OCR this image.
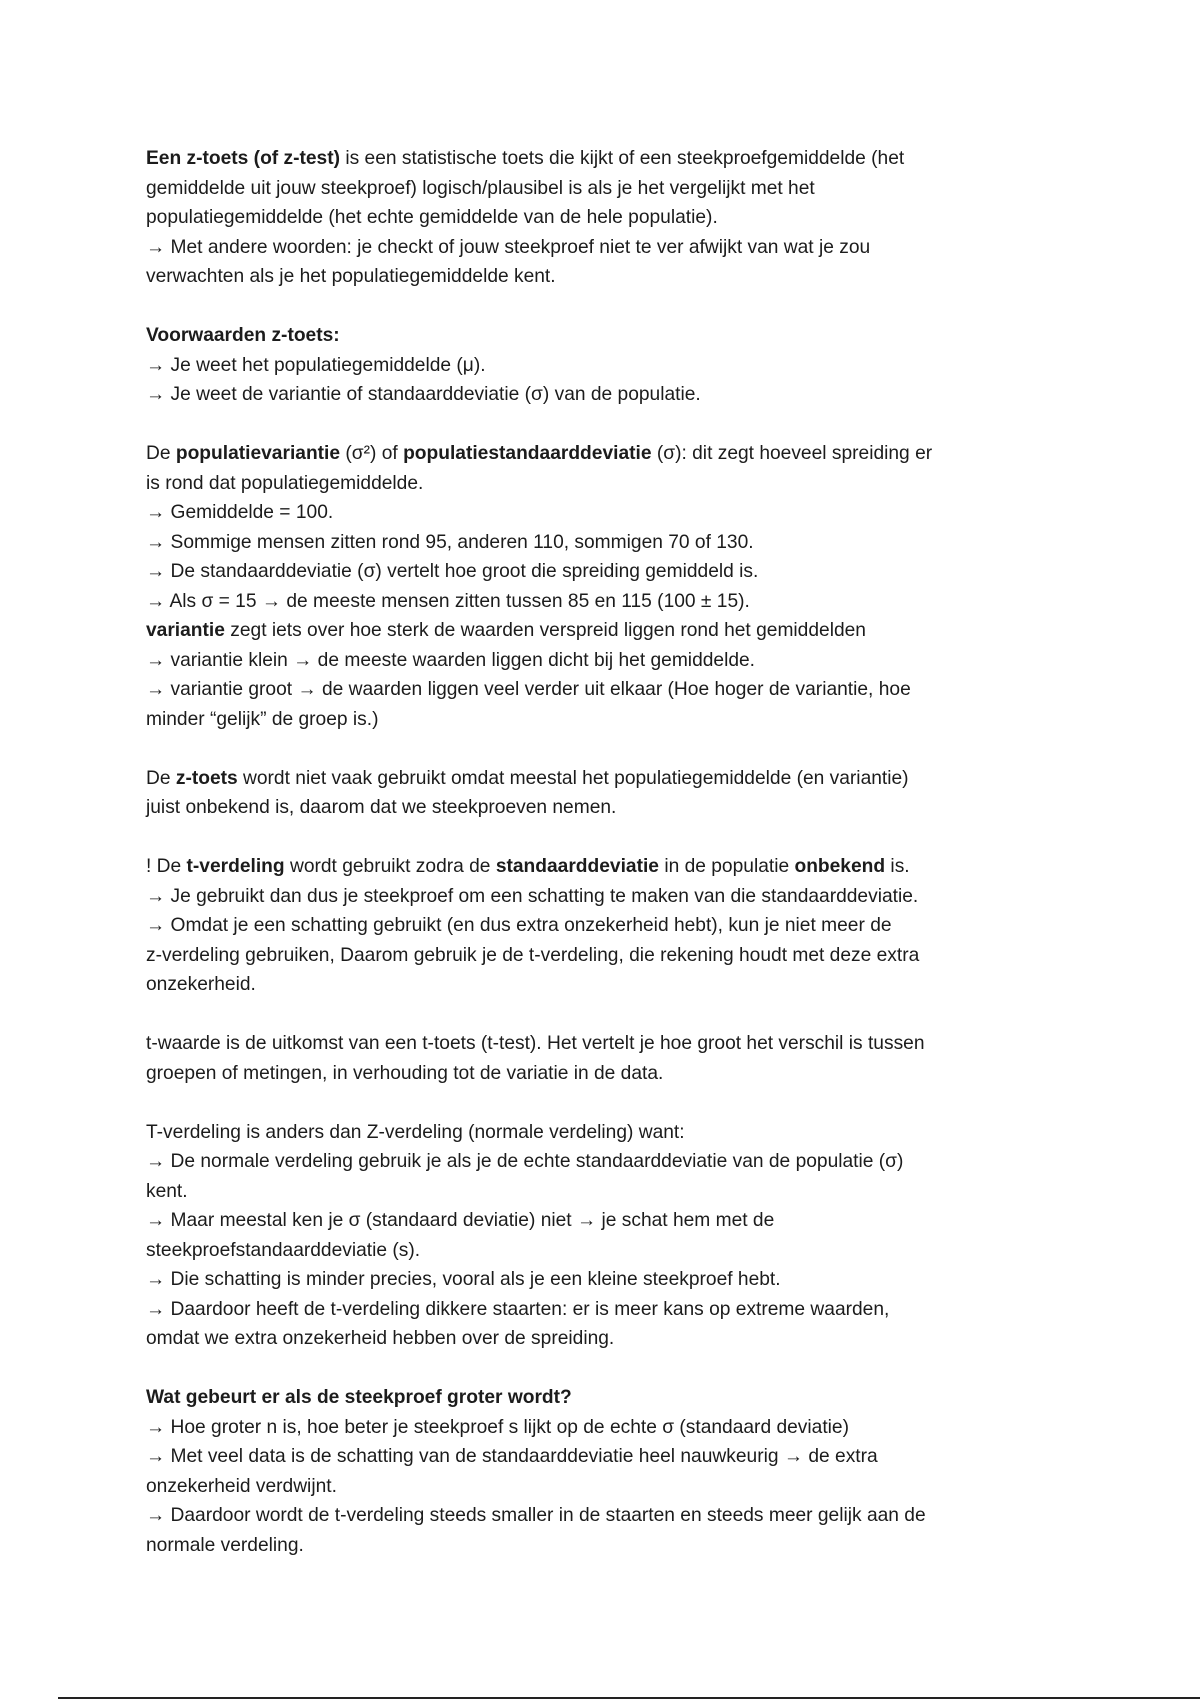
Een z-toets (of z-test) is een statistische toets die kijkt of een steekproefgemiddelde (het
gemiddelde uit jouw steekproef) logisch/plausibel is als je het vergelijkt met het
populatiegemiddelde (het echte gemiddelde van de hele populatie).
→ Met andere woorden: je checkt of jouw steekproef niet te ver afwijkt van wat je zou
verwachten als je het populatiegemiddelde kent.
Voorwaarden z-toets:
→ Je weet het populatiegemiddelde (μ).
→ Je weet de variantie of standaarddeviatie (σ) van de populatie.
De populatievariantie (σ²) of populatiestandaarddeviatie (σ): dit zegt hoeveel spreiding er
is rond dat populatiegemiddelde.
→ Gemiddelde = 100.
→ Sommige mensen zitten rond 95, anderen 110, sommigen 70 of 130.
→ De standaarddeviatie (σ) vertelt hoe groot die spreiding gemiddeld is.
→ Als σ = 15 → de meeste mensen zitten tussen 85 en 115 (100 ± 15).
variantie zegt iets over hoe sterk de waarden verspreid liggen rond het gemiddelden
→ variantie klein → de meeste waarden liggen dicht bij het gemiddelde.
→ variantie groot → de waarden liggen veel verder uit elkaar (Hoe hoger de variantie, hoe
minder “gelijk” de groep is.)
De z-toets wordt niet vaak gebruikt omdat meestal het populatiegemiddelde (en variantie)
juist onbekend is, daarom dat we steekproeven nemen.
! De t-verdeling wordt gebruikt zodra de standaarddeviatie in de populatie onbekend is.
→ Je gebruikt dan dus je steekproef om een schatting te maken van die standaarddeviatie.
→ Omdat je een schatting gebruikt (en dus extra onzekerheid hebt), kun je niet meer de
z-verdeling gebruiken, Daarom gebruik je de t-verdeling, die rekening houdt met deze extra
onzekerheid.
t-waarde is de uitkomst van een t-toets (t-test). Het vertelt je hoe groot het verschil is tussen
groepen of metingen, in verhouding tot de variatie in de data.
T-verdeling is anders dan Z-verdeling (normale verdeling) want:
→ De normale verdeling gebruik je als je de echte standaarddeviatie van de populatie (σ)
kent.
→ Maar meestal ken je σ (standaard deviatie) niet → je schat hem met de
steekproefstandaarddeviatie (s).
→ Die schatting is minder precies, vooral als je een kleine steekproef hebt.
→ Daardoor heeft de t-verdeling dikkere staarten: er is meer kans op extreme waarden,
omdat we extra onzekerheid hebben over de spreiding.
Wat gebeurt er als de steekproef groter wordt?
→ Hoe groter n is, hoe beter je steekproef s lijkt op de echte σ (standaard deviatie)
→ Met veel data is de schatting van de standaarddeviatie heel nauwkeurig → de extra
onzekerheid verdwijnt.
→ Daardoor wordt de t-verdeling steeds smaller in de staarten en steeds meer gelijk aan de
normale verdeling.
